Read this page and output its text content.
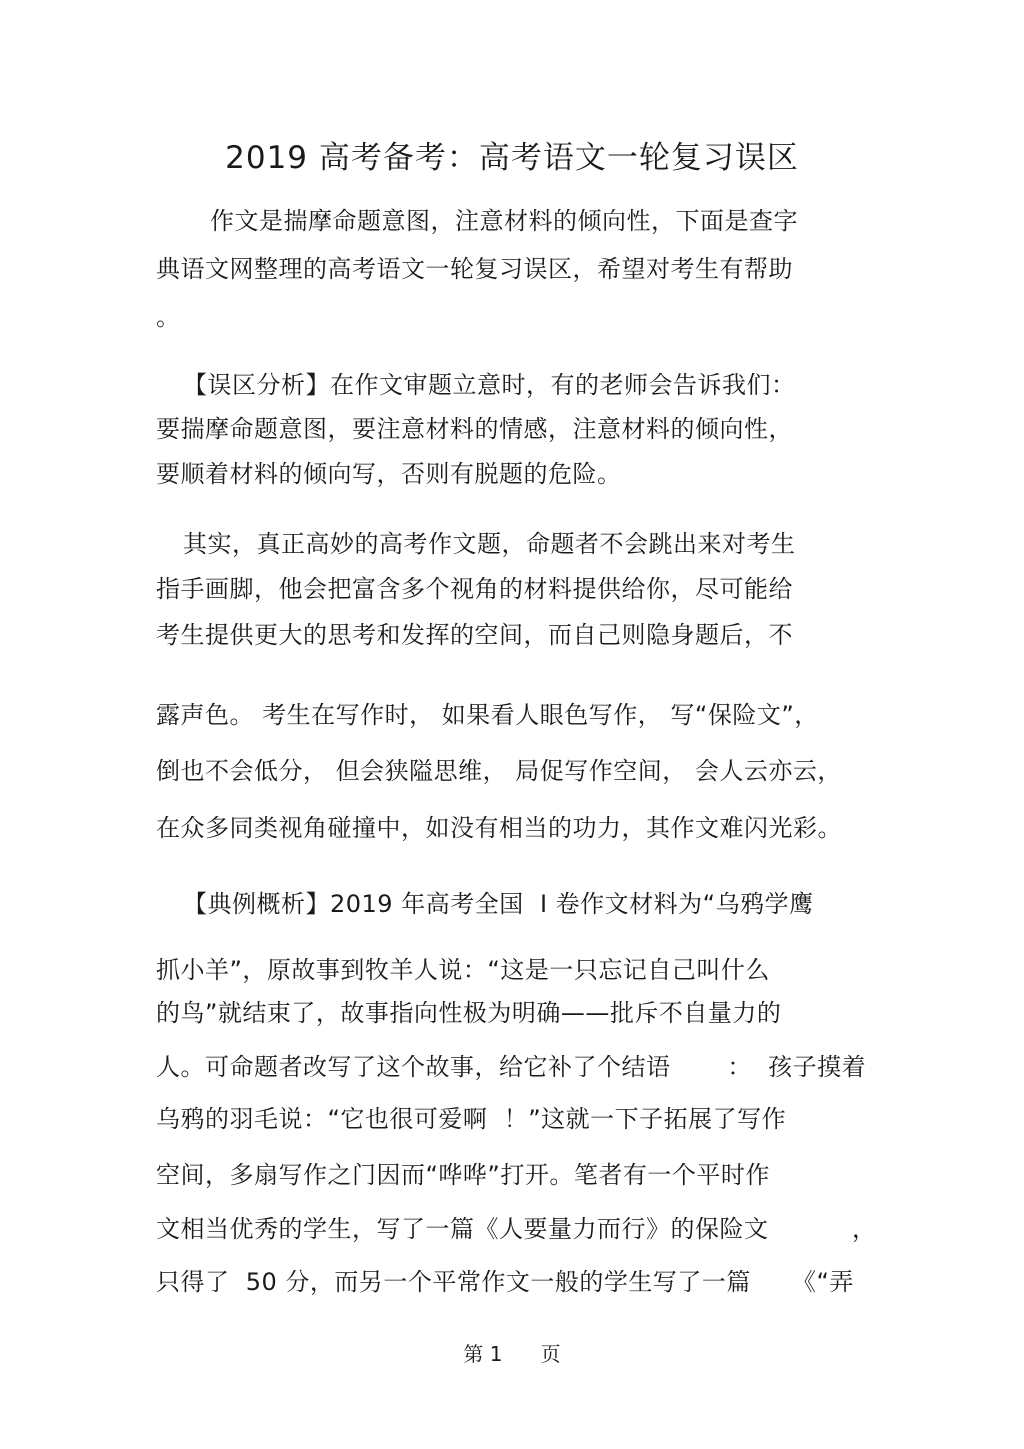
2019 高考备考：高考语文一轮复习误区
作文是揣摩命题意图，注意材料的倾向性，下面是查字
典语文网整理的高考语文一轮复习误区，希望对考生有帮助
。
【误区分析】在作文审题立意时，有的老师会告诉我们：
要揣摩命题意图，要注意材料的情感，注意材料的倾向性，
要顺着材料的倾向写，否则有脱题的危险。
其实，真正高妙的高考作文题，命题者不会跳出来对考生
指手画脚，他会把富含多个视角的材料提供给你，尽可能给
考生提供更大的思考和发挥的空间，而自己则隐身题后，不
露声色。 考生在写作时， 如果看人眼色写作， 写“保险文”，
倒也不会低分， 但会狭隘思维， 局促写作空间， 会人云亦云，
在众多同类视角碰撞中，如没有相当的功力，其作文难闪光彩。
【典例概析】2019 年高考全国  I 卷作文材料为“乌鸦学鹰
抓小羊”，原故事到牧羊人说：“这是一只忘记自己叫什么
的鸟”就结束了，故事指向性极为明确——批斥不自量力的
人。可命题者改写了这个故事，给它补了个结语       ：  孩子摸着
乌鸦的羽毛说：“它也很可爱啊  ！”这就一下子拓展了写作
空间，多扇写作之门因而“哗哗”打开。笔者有一个平时作
文相当优秀的学生，写了一篇《人要量力而行》的保险文	，
只得了  50 分，而另一个平常作文一般的学生写了一篇 《“弄
第 1      页
